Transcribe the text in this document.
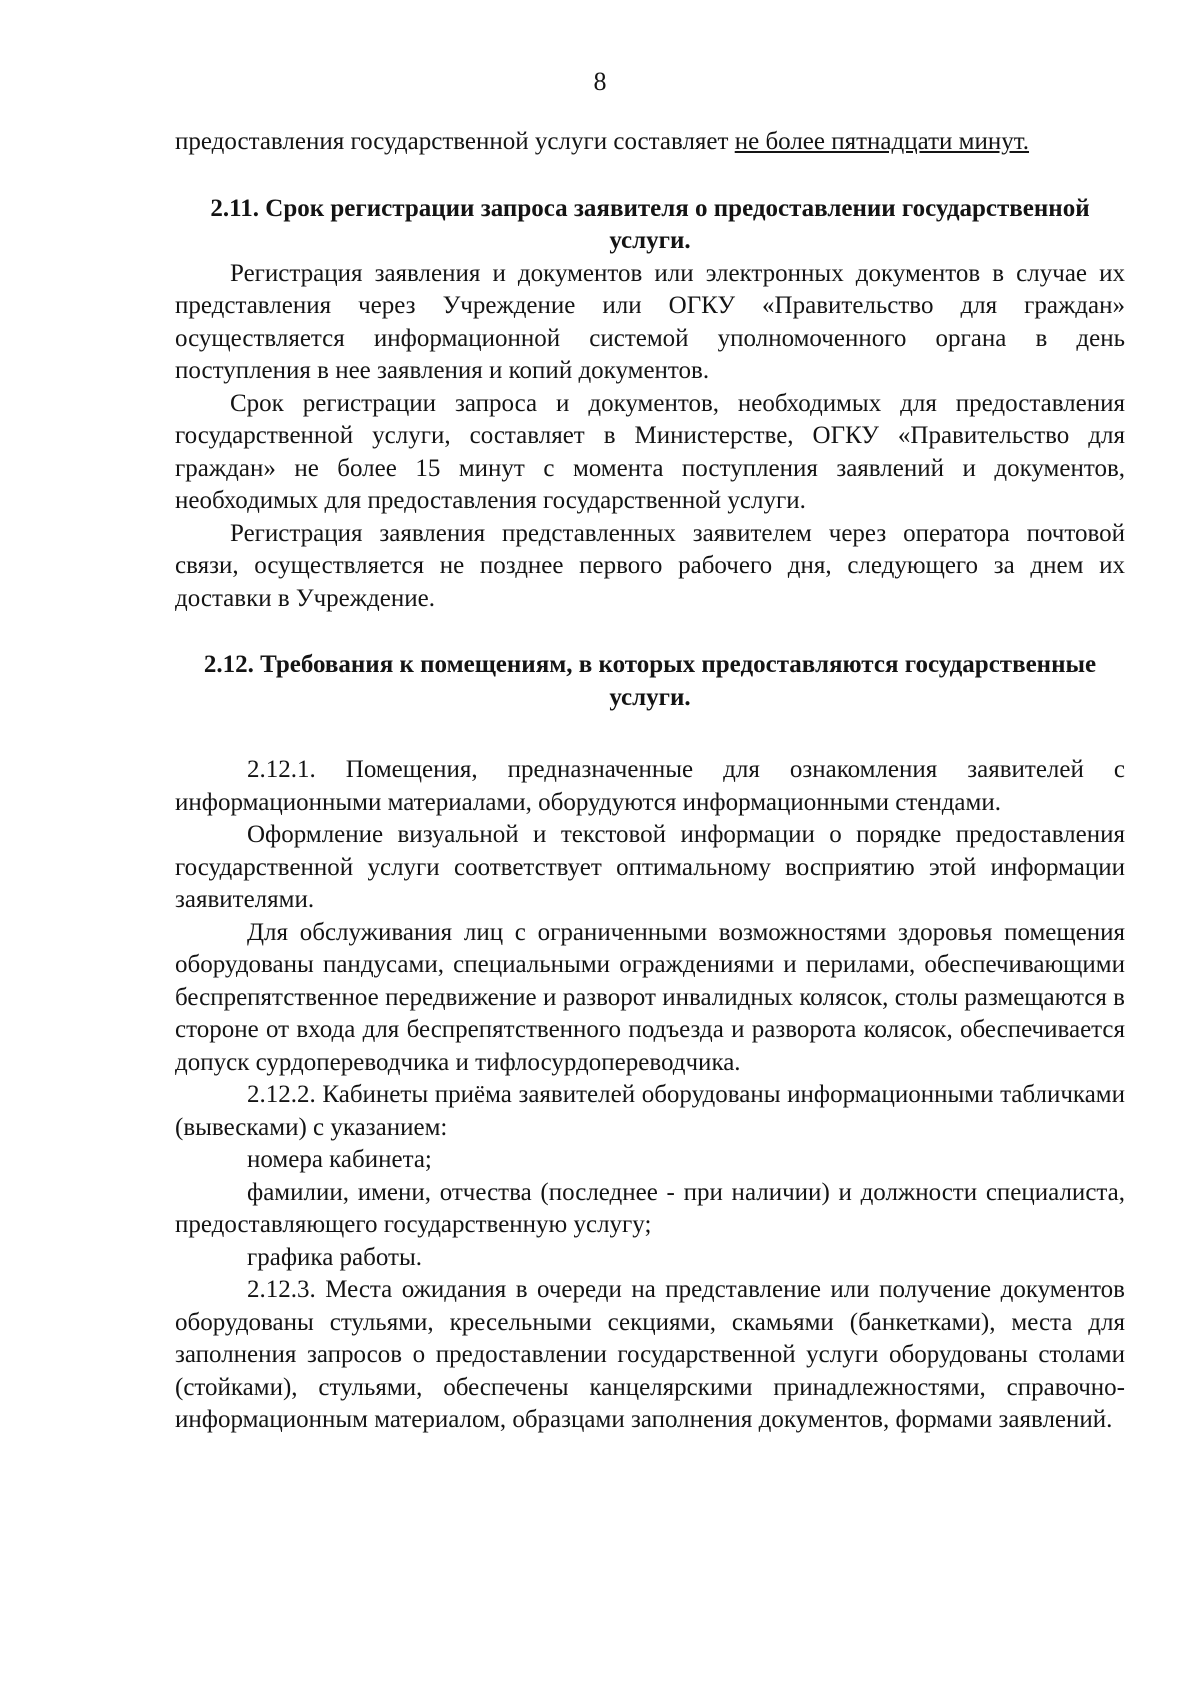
8

предоставления государственной услуги составляет не более пятнадцати минут.

2.11. Срок регистрации запроса заявителя о предоставлении государственной услуги.

Регистрация заявления и документов или электронных документов в случае их представления через Учреждение или ОГКУ «Правительство для граждан» осуществляется информационной системой уполномоченного органа в день поступления в нее заявления и копий документов.

Срок регистрации запроса и документов, необходимых для предоставления государственной услуги, составляет в Министерстве, ОГКУ «Правительство для граждан» не более 15 минут с момента поступления заявлений и документов, необходимых для предоставления государственной услуги.

Регистрация заявления представленных заявителем через оператора почтовой связи, осуществляется не позднее первого рабочего дня, следующего за днем их доставки в Учреждение.

2.12. Требования к помещениям, в которых предоставляются государственные услуги.

2.12.1. Помещения, предназначенные для ознакомления заявителей с информационными материалами, оборудуются информационными стендами.

Оформление визуальной и текстовой информации о порядке предоставления государственной услуги соответствует оптимальному восприятию этой информации заявителями.

Для обслуживания лиц с ограниченными возможностями здоровья помещения оборудованы пандусами, специальными ограждениями и перилами, обеспечивающими беспрепятственное передвижение и разворот инвалидных колясок, столы размещаются в стороне от входа для беспрепятственного подъезда и разворота колясок, обеспечивается допуск сурдопереводчика и тифлосурдопереводчика.

2.12.2. Кабинеты приёма заявителей оборудованы информационными табличками (вывесками) с указанием:

номера кабинета;

фамилии, имени, отчества (последнее - при наличии) и должности специалиста, предоставляющего государственную услугу;

графика работы.

2.12.3. Места ожидания в очереди на представление или получение документов оборудованы стульями, кресельными секциями, скамьями (банкетками), места для заполнения запросов о предоставлении государственной услуги оборудованы столами (стойками), стульями, обеспечены канцелярскими принадлежностями, справочно-информационным материалом, образцами заполнения документов, формами заявлений.
